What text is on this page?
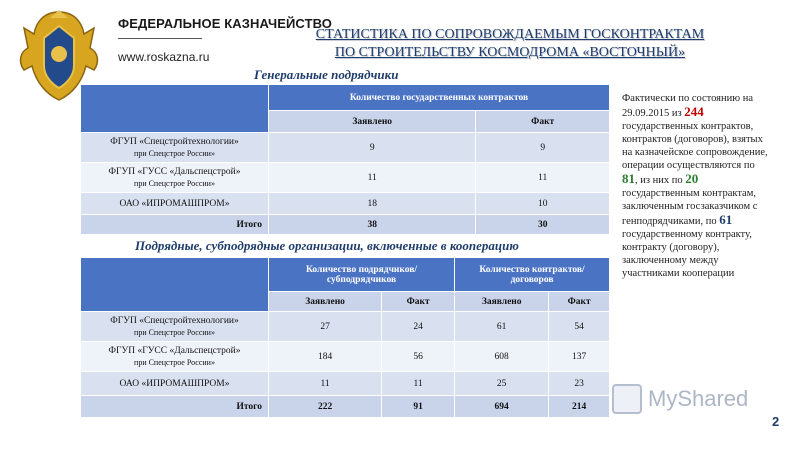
ФЕДЕРАЛЬНОЕ КАЗНАЧЕЙСТВО
www.roskazna.ru
СТАТИСТИКА ПО СОПРОВОЖДАЕМЫМ ГОСКОНТРАКТАМ
ПО СТРОИТЕЛЬСТВУ КОСМОДРОМА «ВОСТОЧНЫЙ»
Генеральные подрядчики
	Количество государственных контрактов	
	Заявлено	Факт
ФГУП «Спецстройтехнологии»
при Спецстрое России»	9	9
ФГУП «ГУСС «Дальспецстрой»
при Спецстрое России»	11	11
ОАО «ИПРОМАШПРОМ»	18	10
Итого	38	30
Подрядные, субподрядные организации, включенные в кооперацию
	Количество подрядчиков/ субподрядчиков		Количество контрактов/ договоров	
	Заявлено	Факт	Заявлено	Факт
ФГУП «Спецстройтехнологии»
при Спецстрое России»	27	24	61	54
ФГУП «ГУСС «Дальспецстрой»
при Спецстрое России»	184	56	608	137
ОАО «ИПРОМАШПРОМ»	11	11	25	23
Итого	222	91	694	214
Фактически по состоянию на 29.09.2015 из 244 государственных контрактов, контрактов (договоров), взятых на казначейское сопровождение, операции осуществляются по 81, из них по 20 государственным контрактам, заключенным госзаказчиком с генподрядчиками, по 61 государственному контракту, контракту (договору), заключенному между участниками кооперации
MyShared
2
